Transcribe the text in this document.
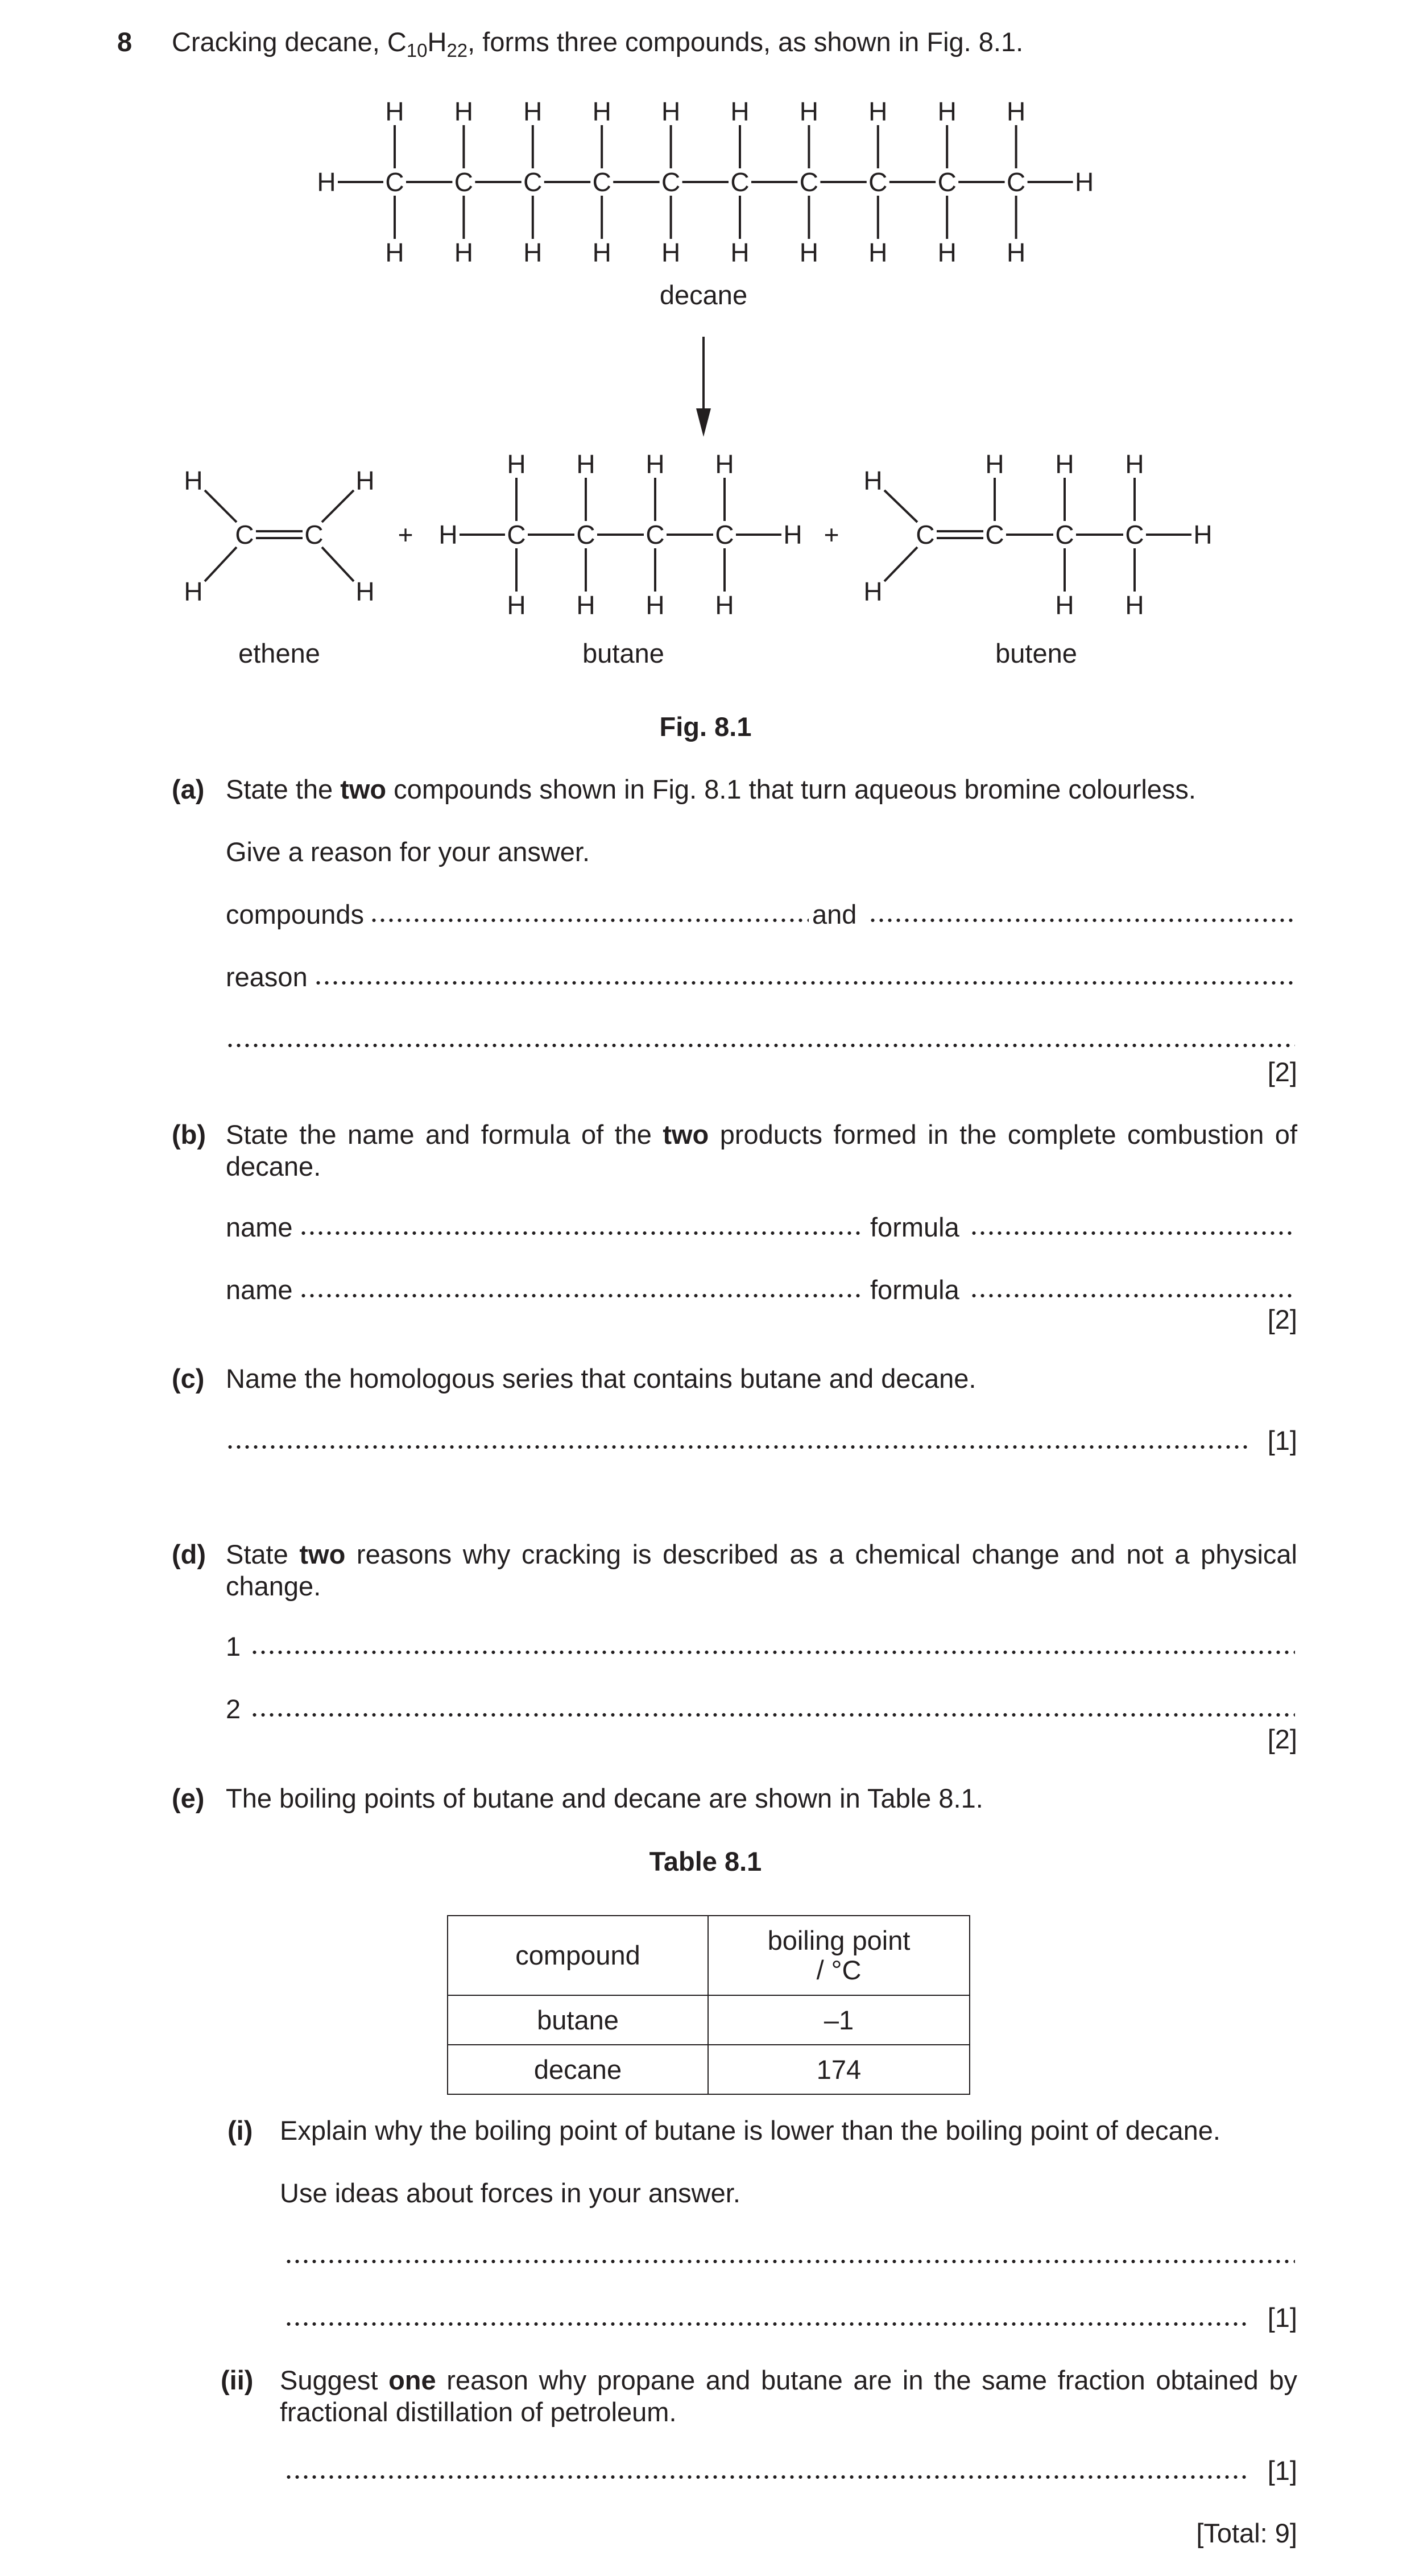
8 Cracking decane, $C_{10}H_{22}$, forms three compounds, as shown in Fig. 8.1.
C
H
H
C
H
H
C
H
H
C
H
H
C
H
H
C
H
H
C
H
H
C
H
H
C
H
H
C
H
H
H	H
C
H
H
C
H
H
C
H
H
C
H
H
H	H
C C
H
H
H
H
C C C C
H
H
H H H
H H
H
decane
ethene	butane	butene
+	+
Fig. 8.1
(a) State the two compounds shown in Fig. 8.1 that turn aqueous bromine colourless.
Give a reason for your answer.
compounds	and
reason
[2]
(b) State the name and formula of the two products formed in the complete combustion of decane.
name	formula
name	formula
[2]
(c) Name the homologous series that contains butane and decane.
[1]
(d) State two reasons why cracking is described as a chemical change and not a physical change.
1
2
[2]
(e) The boiling points of butane and decane are shown in Table 8.1.
Table 8.1
compound	boiling point
/ °C
butane	–1
decane	174
(i) Explain why the boiling point of butane is lower than the boiling point of decane.
Use ideas about forces in your answer.
[1]
(ii) Suggest one reason why propane and butane are in the same fraction obtained by fractional distillation of petroleum.
[1]
[Total: 9]
